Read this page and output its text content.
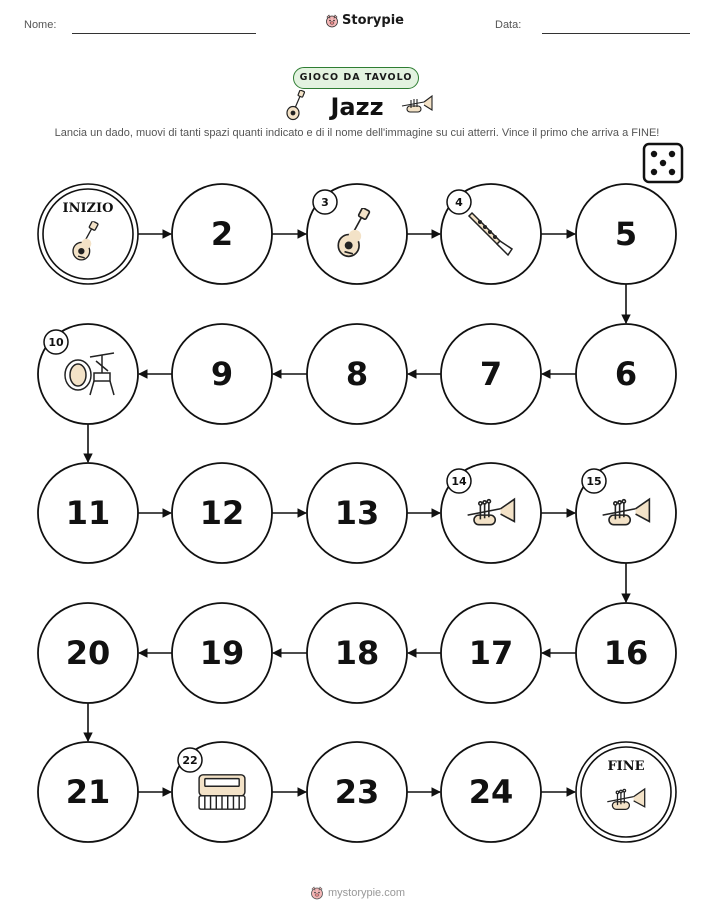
Nome:	Storypie	Data:
GIOCO DA TAVOLO
Jazz
Lancia un dado, muovi di tanti spazi quanti indicato e di il nome dell'immagine su cui atterri. Vince il primo che arriva a FINE!
INIZIO
2
3	4
5
6
7
8
9
10
11	12	13
14	15
16
17
18
19
20
21
22
23	24
FINE
mystorypie.com
